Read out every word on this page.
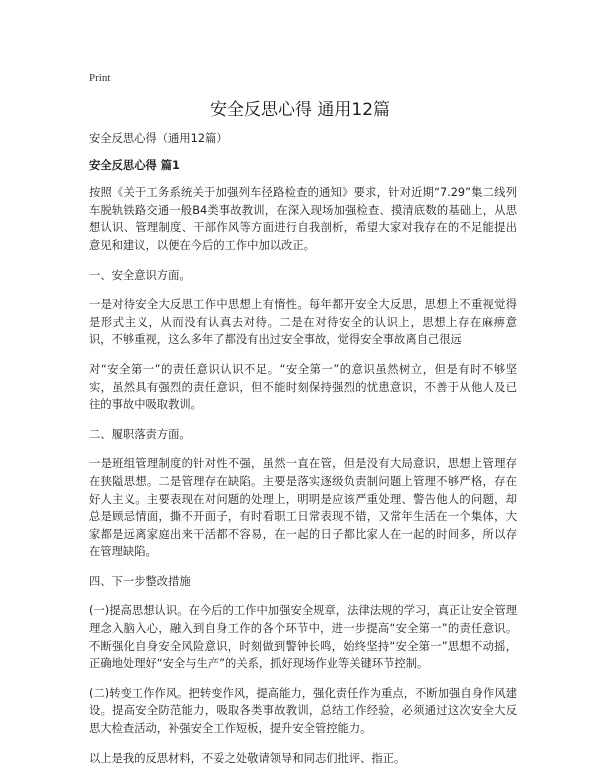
Print
安全反思心得 通用12篇

安全反思心得（通用12篇）

安全反思心得 篇1

按照《关于工务系统关于加强列车径路检查的通知》要求，针对近期“7.29”集二线列车脱轨铁路交通一般B4类事故教训，在深入现场加强检查、摸清底数的基础上，从思想认识、管理制度、干部作风等方面进行自我剖析，希望大家对我存在的不足能提出意见和建议，以便在今后的工作中加以改正。

一、安全意识方面。

一是对待安全大反思工作中思想上有惰性。每年都开安全大反思，思想上不重视觉得是形式主义，从而没有认真去对待。二是在对待安全的认识上，思想上存在麻痹意识，不够重视，这么多年了都没有出过安全事故，觉得安全事故离自己很远

对“安全第一”的责任意识认识不足。“安全第一”的意识虽然树立，但是有时不够坚实，虽然具有强烈的责任意识，但不能时刻保持强烈的忧患意识，不善于从他人及已往的事故中吸取教训。

二、履职落责方面。

一是班组管理制度的针对性不强，虽然一直在管，但是没有大局意识，思想上管理存在狭隘思想。二是管理存在缺陷。主要是落实逐级负责制问题上管理不够严格，存在好人主义。主要表现在对问题的处理上，明明是应该严重处理、警告他人的问题，却总是顾忌情面，撕不开面子，有时看职工日常表现不错，又常年生活在一个集体，大家都是远离家庭出来干活都不容易，在一起的日子都比家人在一起的时间多，所以存在管理缺陷。

四、下一步整改措施

(一)提高思想认识。在今后的工作中加强安全规章，法律法规的学习，真正让安全管理理念入脑入心，融入到自身工作的各个环节中，进一步提高“安全第一”的责任意识。不断强化自身安全风险意识，时刻做到警钟长鸣，始终坚持“安全第一”思想不动摇，正确地处理好“安全与生产”的关系，抓好现场作业等关键环节控制。

(二)转变工作作风。把转变作风，提高能力，强化责任作为重点，不断加强自身作风建设。提高安全防范能力，吸取各类事故教训，总结工作经验，必须通过这次安全大反思大检查活动，补强安全工作短板，提升安全管控能力。

以上是我的反思材料，不妥之处敬请领导和同志们批评、指正。
